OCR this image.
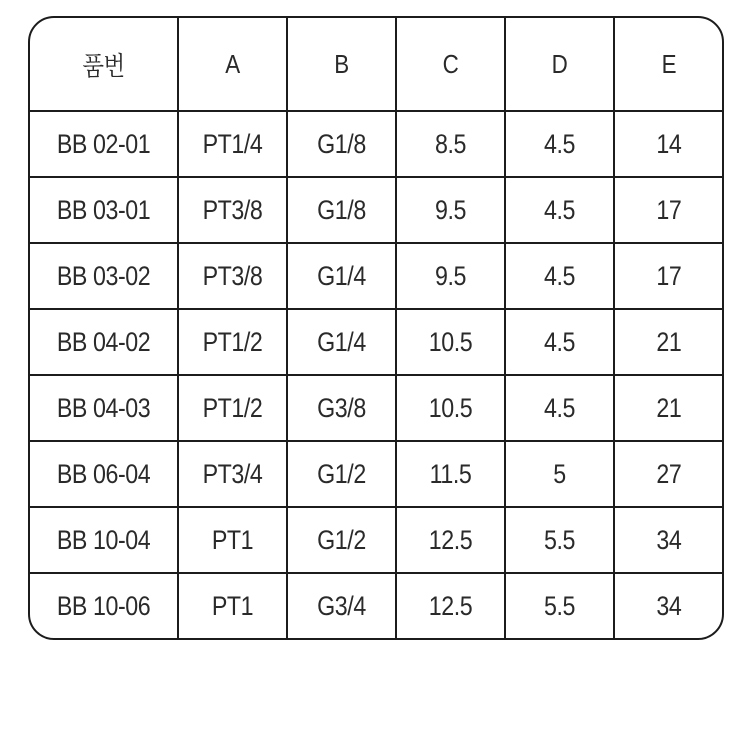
품번	A	B	C	D	E
BB 02-01	PT1/4	G1/8	8.5	4.5	14
BB 03-01	PT3/8	G1/8	9.5	4.5	17
BB 03-02	PT3/8	G1/4	9.5	4.5	17
BB 04-02	PT1/2	G1/4	10.5	4.5	21
BB 04-03	PT1/2	G3/8	10.5	4.5	21
BB 06-04	PT3/4	G1/2	11.5	5	27
BB 10-04	PT1	G1/2	12.5	5.5	34
BB 10-06	PT1	G3/4	12.5	5.5	34
